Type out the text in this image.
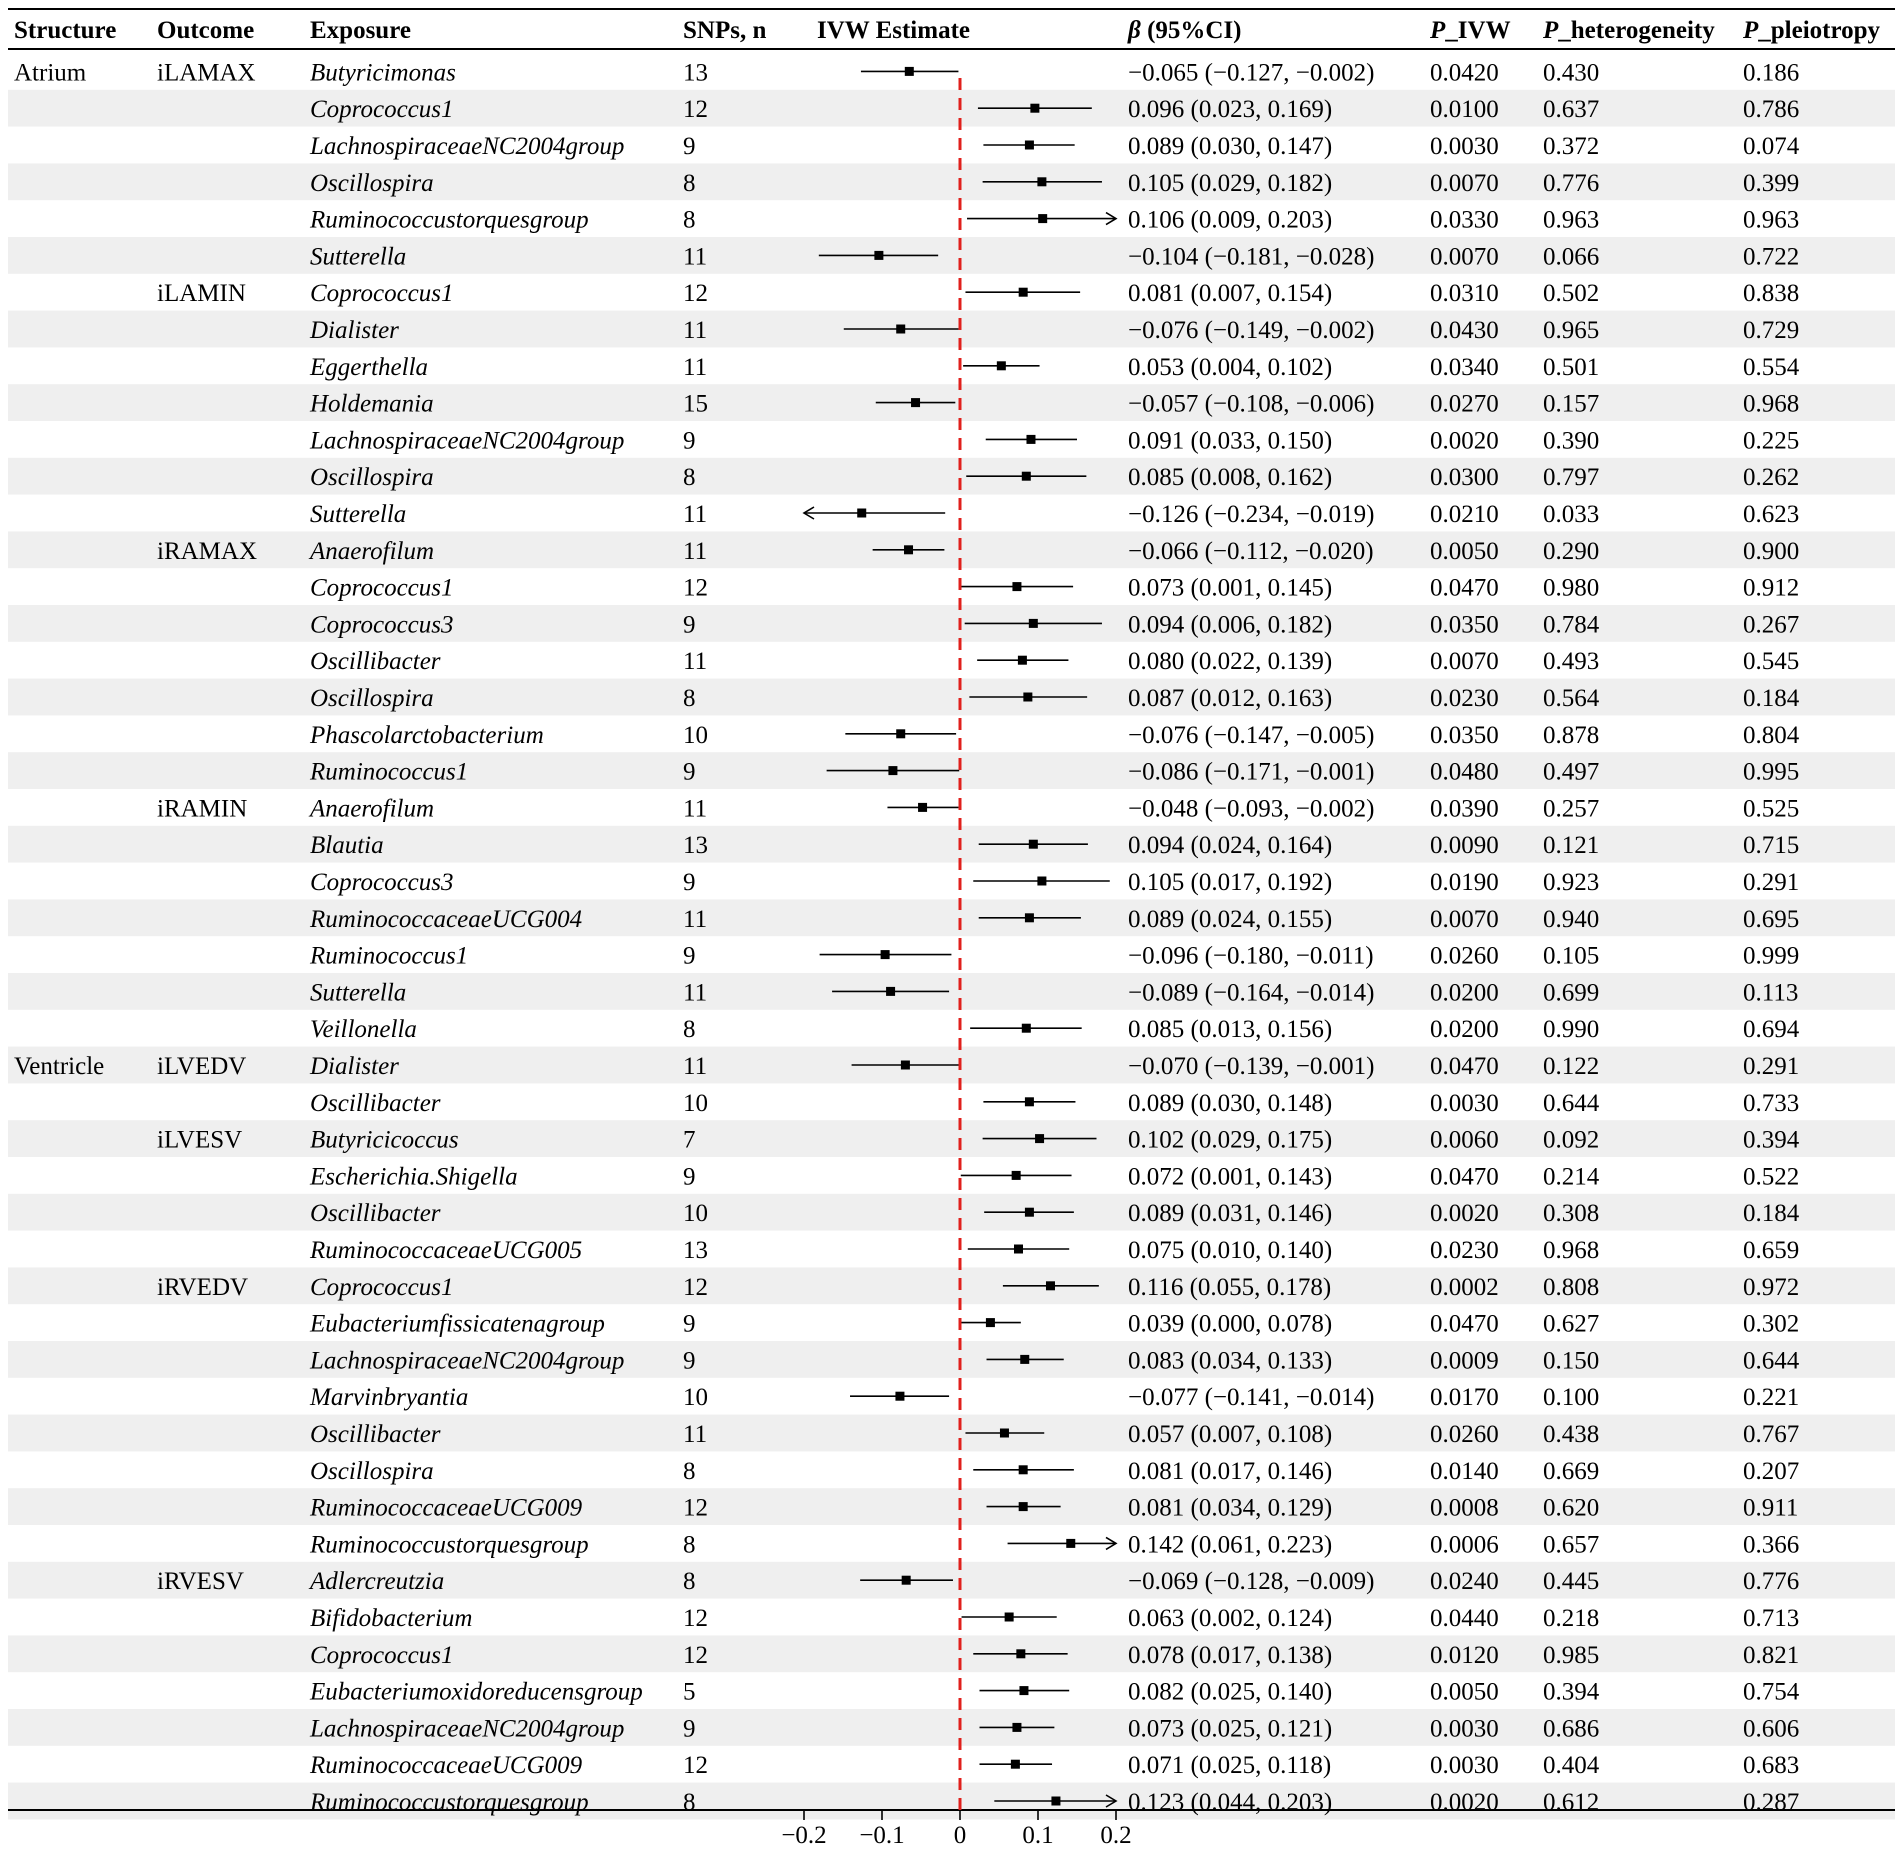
Structure Outcome Exposure	SNPs, n IVW Estimate	β (95%CI)	P_IVW P_heterogeneity P_pleiotropy
Atrium	iLAMAX Butyricimonas	13	−0.065 (−0.127, −0.002) 0.0420 0.430	0.186
Coprococcus1	12	0.096 (0.023, 0.169)	0.0100 0.637	0.786
LachnospiraceaeNC2004group 9	0.089 (0.030, 0.147)	0.0030 0.372	0.074
Oscillospira	8	0.105 (0.029, 0.182)	0.0070 0.776	0.399
Ruminococcustorquesgroup	8	0.106 (0.009, 0.203)	0.0330 0.963	0.963
Sutterella	11	−0.104 (−0.181, −0.028) 0.0070 0.066	0.722
iLAMIN	Coprococcus1	12	0.081 (0.007, 0.154)	0.0310 0.502	0.838
Dialister	11	−0.076 (−0.149, −0.002) 0.0430 0.965	0.729
Eggerthella	11	0.053 (0.004, 0.102)	0.0340 0.501	0.554
Holdemania	15	−0.057 (−0.108, −0.006) 0.0270 0.157	0.968
LachnospiraceaeNC2004group 9	0.091 (0.033, 0.150)	0.0020 0.390	0.225
Oscillospira	8	0.085 (0.008, 0.162)	0.0300 0.797	0.262
Sutterella	11	−0.126 (−0.234, −0.019) 0.0210 0.033	0.623
iRAMAX Anaerofilum	11	−0.066 (−0.112, −0.020) 0.0050 0.290	0.900
Coprococcus1	12	0.073 (0.001, 0.145)	0.0470 0.980	0.912
Coprococcus3	9	0.094 (0.006, 0.182)	0.0350 0.784	0.267
Oscillibacter	11	0.080 (0.022, 0.139)	0.0070 0.493	0.545
Oscillospira	8	0.087 (0.012, 0.163)	0.0230 0.564	0.184
Phascolarctobacterium	10	−0.076 (−0.147, −0.005) 0.0350 0.878	0.804
Ruminococcus1	9	−0.086 (−0.171, −0.001) 0.0480 0.497	0.995
iRAMIN	Anaerofilum	11	−0.048 (−0.093, −0.002) 0.0390 0.257	0.525
Blautia	13	0.094 (0.024, 0.164)	0.0090 0.121	0.715
Coprococcus3	9	0.105 (0.017, 0.192)	0.0190 0.923	0.291
RuminococcaceaeUCG004	11	0.089 (0.024, 0.155)	0.0070 0.940	0.695
Ruminococcus1	9	−0.096 (−0.180, −0.011) 0.0260 0.105	0.999
Sutterella	11	−0.089 (−0.164, −0.014) 0.0200 0.699	0.113
Veillonella	8	0.085 (0.013, 0.156)	0.0200 0.990	0.694
Ventricle iLVEDV	Dialister	11	−0.070 (−0.139, −0.001) 0.0470 0.122	0.291
Oscillibacter	10	0.089 (0.030, 0.148)	0.0030 0.644	0.733
iLVESV	Butyricicoccus	7	0.102 (0.029, 0.175)	0.0060 0.092	0.394
Escherichia.Shigella	9	0.072 (0.001, 0.143)	0.0470 0.214	0.522
Oscillibacter	10	0.089 (0.031, 0.146)	0.0020 0.308	0.184
RuminococcaceaeUCG005	13	0.075 (0.010, 0.140)	0.0230 0.968	0.659
iRVEDV Coprococcus1	12	0.116 (0.055, 0.178)	0.0002 0.808	0.972
Eubacteriumfissicatenagroup	9	0.039 (0.000, 0.078)	0.0470 0.627	0.302
LachnospiraceaeNC2004group 9	0.083 (0.034, 0.133)	0.0009 0.150	0.644
Marvinbryantia	10	−0.077 (−0.141, −0.014) 0.0170 0.100	0.221
Oscillibacter	11	0.057 (0.007, 0.108)	0.0260 0.438	0.767
Oscillospira	8	0.081 (0.017, 0.146)	0.0140 0.669	0.207
RuminococcaceaeUCG009	12	0.081 (0.034, 0.129)	0.0008 0.620	0.911
Ruminococcustorquesgroup	8	0.142 (0.061, 0.223)	0.0006 0.657	0.366
iRVESV	Adlercreutzia	8	−0.069 (−0.128, −0.009) 0.0240 0.445	0.776
Bifidobacterium	12	0.063 (0.002, 0.124)	0.0440 0.218	0.713
Coprococcus1	12	0.078 (0.017, 0.138)	0.0120 0.985	0.821
Eubacteriumoxidoreducensgroup 5	0.082 (0.025, 0.140)	0.0050 0.394	0.754
LachnospiraceaeNC2004group 9	0.073 (0.025, 0.121)	0.0030 0.686	0.606
RuminococcaceaeUCG009	12	0.071 (0.025, 0.118)	0.0030 0.404	0.683
Ruminococcustorquesgroup	8	0.123 (0.044, 0.203)	0.0020 0.612	0.287
−0.2 −0.1 0 0.1 0.2
